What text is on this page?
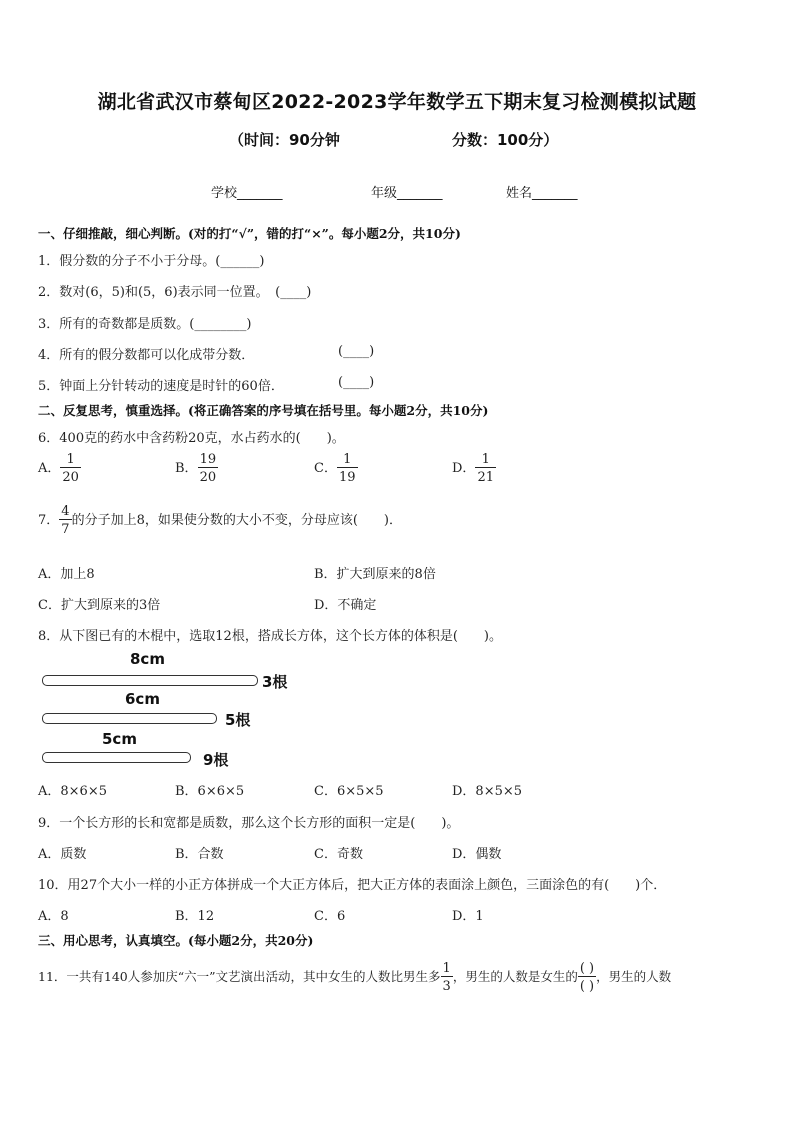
湖北省武汉市蔡甸区2022-2023学年数学五下期末复习检测模拟试题
（时间：90分钟	分数：100分）
学校_______	年级_______	姓名_______
一、仔细推敲，细心判断。(对的打“√”，错的打“×”。每小题2分，共10分)
1．假分数的分子不小于分母。(______)
2．数对(6，5)和(5，6)表示同一位置。　(____)
3．所有的奇数都是质数。(________)
4．所有的假分数都可以化成带分数．	(____)
5．钟面上分针转动的速度是时针的60倍．	(____)
二、反复思考，慎重选择。(将正确答案的序号填在括号里。每小题2分，共10分)
6．400克的药水中含药粉20克，水占药水的(　　)。
A． $\frac{1}{20}$	B． $\frac{19}{20}$	C． $\frac{1}{19}$	D． $\frac{1}{21}$
7． $\frac{4}{7}$ 的分子加上8，如果使分数的大小不变，分母应该(　　)．
A．加上8	B．扩大到原来的8倍
C．扩大到原来的3倍	D．不确定
8．从下图已有的木棍中，选取12根，搭成长方体，这个长方体的体积是(　　)。
8cm
3根
6cm
5根
5cm
9根
A．8×6×5	B．6×6×5	C．6×5×5	D．8×5×5
9．一个长方形的长和宽都是质数，那么这个长方形的面积一定是(　　)。
A．质数	B．合数	C．奇数	D．偶数
10．用27个大小一样的小正方体拼成一个大正方体后，把大正方体的表面涂上颜色，三面涂色的有(　　)个．
A．8	B．12	C．6	D．1
三、用心思考，认真填空。(每小题2分，共20分)
11．一共有140人参加庆“六一”文艺演出活动，其中女生的人数比男生多 $\frac{1}{3}$ ，男生的人数是女生的 $\frac{( )}{( )}$ ，男生的人数
